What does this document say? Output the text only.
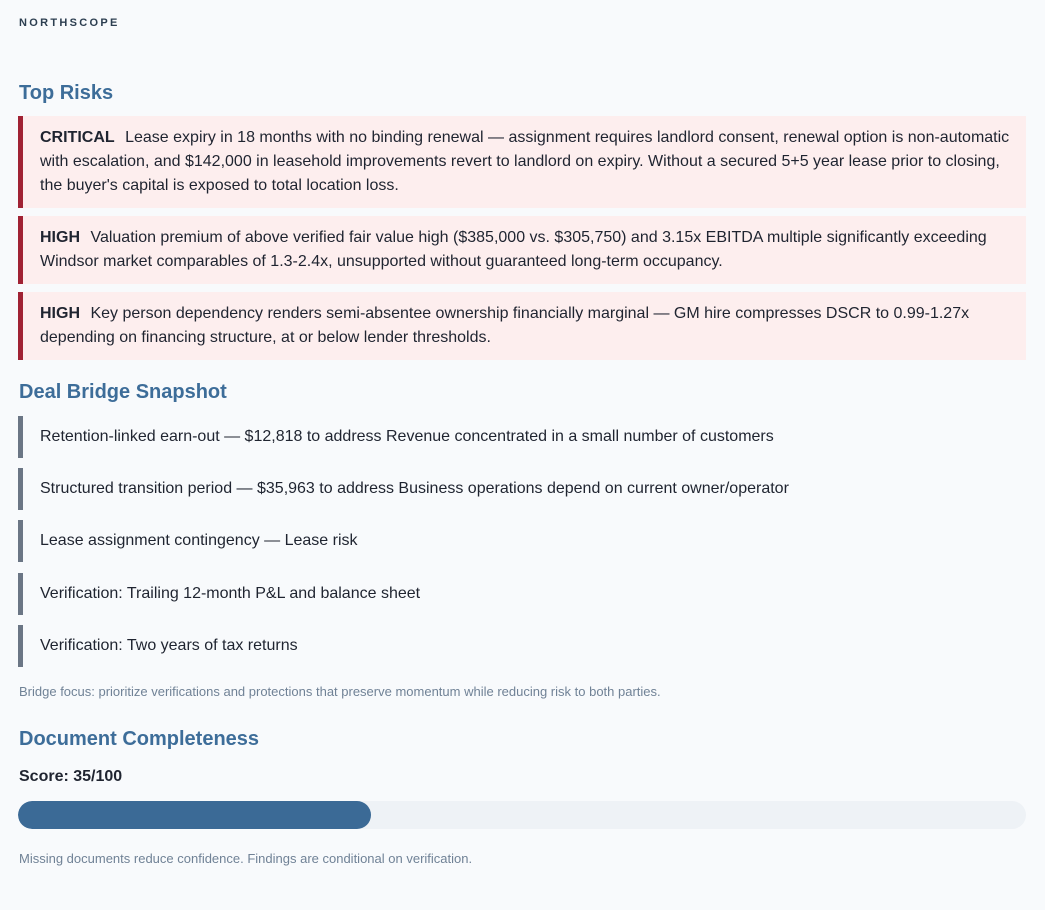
NORTHSCOPE
Top Risks
CRITICAL Lease expiry in 18 months with no binding renewal — assignment requires landlord consent, renewal option is non-automatic with escalation, and $142,000 in leasehold improvements revert to landlord on expiry. Without a secured 5+5 year lease prior to closing, the buyer's capital is exposed to total location loss.
HIGH Valuation premium of above verified fair value high ($385,000 vs. $305,750) and 3.15x EBITDA multiple significantly exceeding Windsor market comparables of 1.3-2.4x, unsupported without guaranteed long-term occupancy.
HIGH Key person dependency renders semi-absentee ownership financially marginal — GM hire compresses DSCR to 0.99-1.27x depending on financing structure, at or below lender thresholds.
Deal Bridge Snapshot
Retention-linked earn-out — $12,818 to address Revenue concentrated in a small number of customers
Structured transition period — $35,963 to address Business operations depend on current owner/operator
Lease assignment contingency — Lease risk
Verification: Trailing 12-month P&L and balance sheet
Verification: Two years of tax returns
Bridge focus: prioritize verifications and protections that preserve momentum while reducing risk to both parties.
Document Completeness
Score: 35/100
Missing documents reduce confidence. Findings are conditional on verification.
